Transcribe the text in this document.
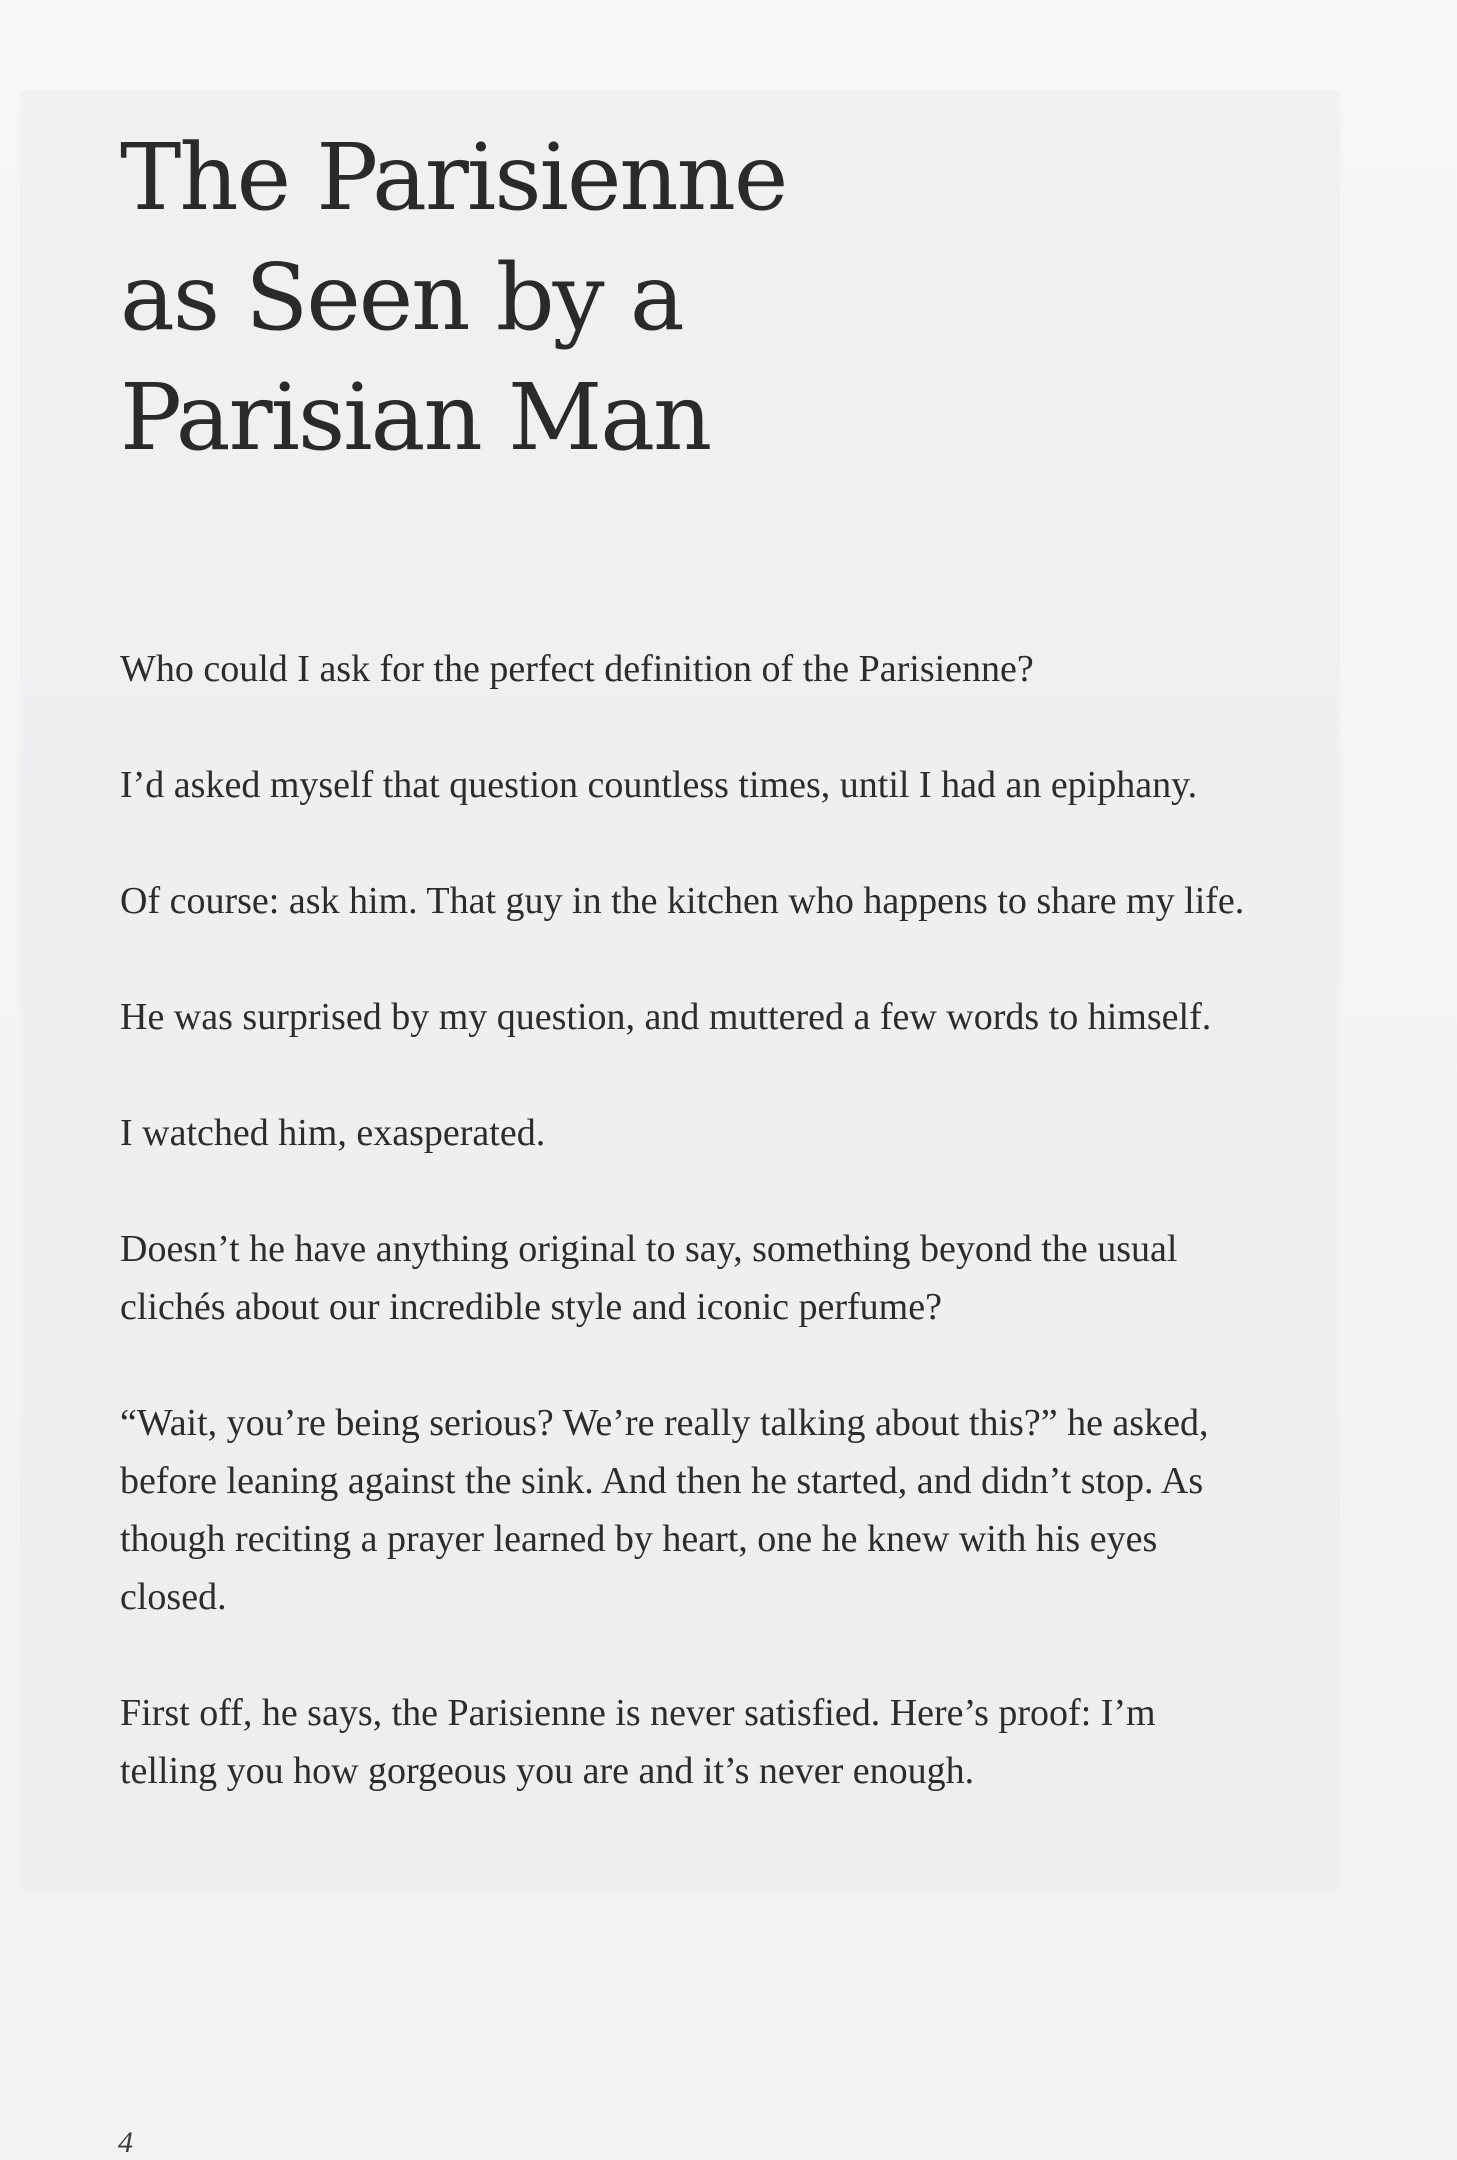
The Parisienne
as Seen by a
Parisian Man

Who could I ask for the perfect definition of the Parisienne?

I’d asked myself that question countless times, until I had an epiphany.

Of course: ask him. That guy in the kitchen who happens to share my life.

He was surprised by my question, and muttered a few words to himself.

I watched him, exasperated.

Doesn’t he have anything original to say, something beyond the usual clichés about our incredible style and iconic perfume?

“Wait, you’re being serious? We’re really talking about this?” he asked, before leaning against the sink. And then he started, and didn’t stop. As though reciting a prayer learned by heart, one he knew with his eyes closed.

First off, he says, the Parisienne is never satisfied. Here’s proof: I’m telling you how gorgeous you are and it’s never enough.

4
